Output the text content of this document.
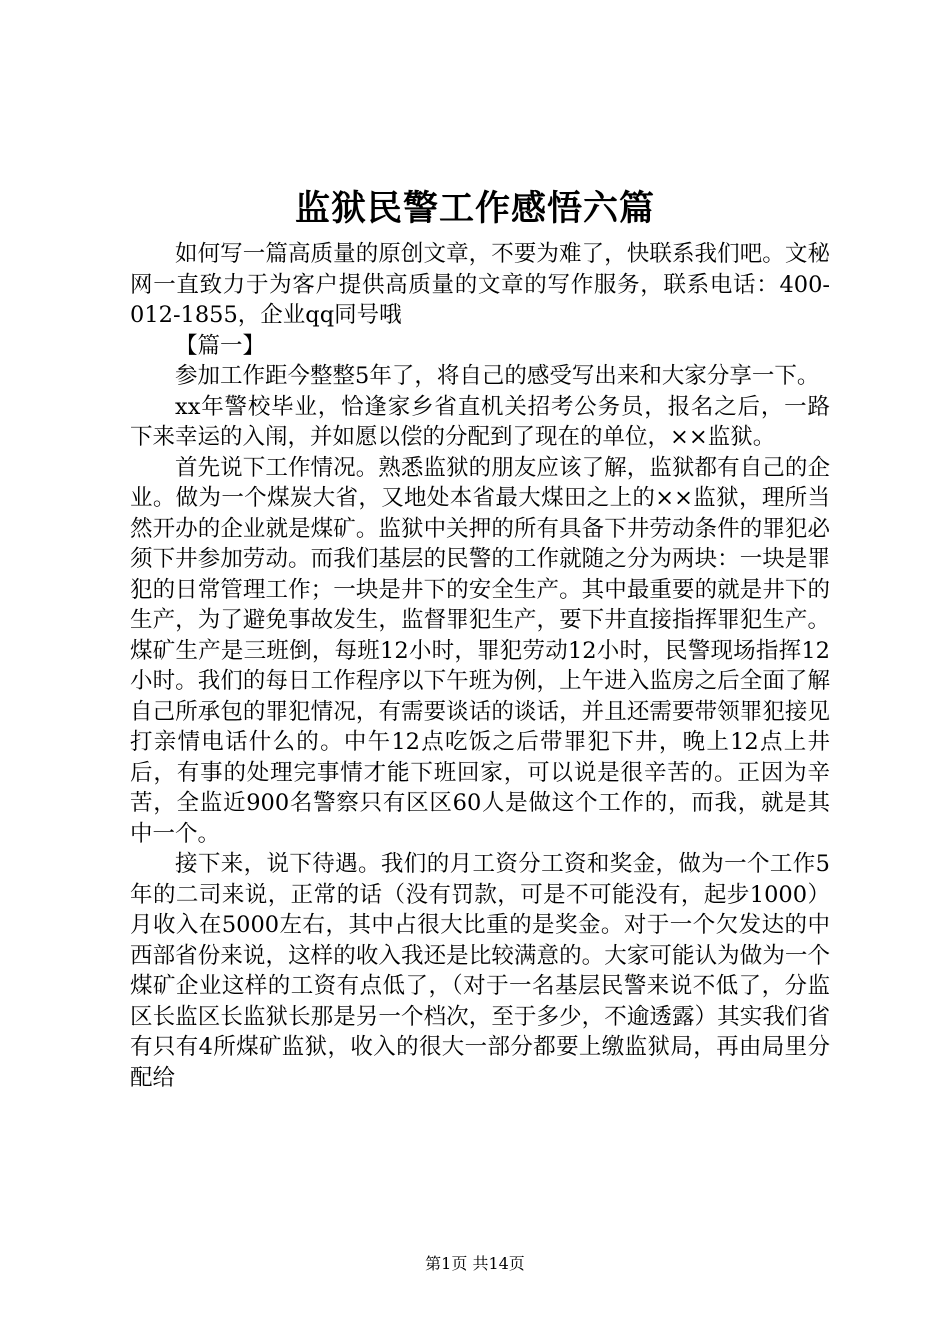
监狱民警工作感悟六篇

如何写一篇高质量的原创文章，不要为难了，快联系我们吧。文秘网一直致力于为客户提供高质量的文章的写作服务，联系电话：400-012-1855，企业qq同号哦

【篇一】

参加工作距今整整5年了，将自己的感受写出来和大家分享一下。

xx年警校毕业，恰逢家乡省直机关招考公务员，报名之后，一路下来幸运的入闱，并如愿以偿的分配到了现在的单位，××监狱。

首先说下工作情况。熟悉监狱的朋友应该了解，监狱都有自己的企业。做为一个煤炭大省，又地处本省最大煤田之上的××监狱，理所当然开办的企业就是煤矿。监狱中关押的所有具备下井劳动条件的罪犯必须下井参加劳动。而我们基层的民警的工作就随之分为两块：一块是罪犯的日常管理工作；一块是井下的安全生产。其中最重要的就是井下的生产，为了避免事故发生，监督罪犯生产，要下井直接指挥罪犯生产。煤矿生产是三班倒，每班12小时，罪犯劳动12小时，民警现场指挥12小时。我们的每日工作程序以下午班为例，上午进入监房之后全面了解自己所承包的罪犯情况，有需要谈话的谈话，并且还需要带领罪犯接见打亲情电话什么的。中午12点吃饭之后带罪犯下井，晚上12点上井后，有事的处理完事情才能下班回家，可以说是很辛苦的。正因为辛苦，全监近900名警察只有区区60人是做这个工作的，而我，就是其中一个。

接下来，说下待遇。我们的月工资分工资和奖金，做为一个工作5年的二司来说，正常的话（没有罚款，可是不可能没有，起步1000）月收入在5000左右，其中占很大比重的是奖金。对于一个欠发达的中西部省份来说，这样的收入我还是比较满意的。大家可能认为做为一个煤矿企业这样的工资有点低了，（对于一名基层民警来说不低了，分监区长监区长监狱长那是另一个档次，至于多少，不逾透露）其实我们省有只有4所煤矿监狱，收入的很大一部分都要上缴监狱局，再由局里分配给

第1页 共14页
